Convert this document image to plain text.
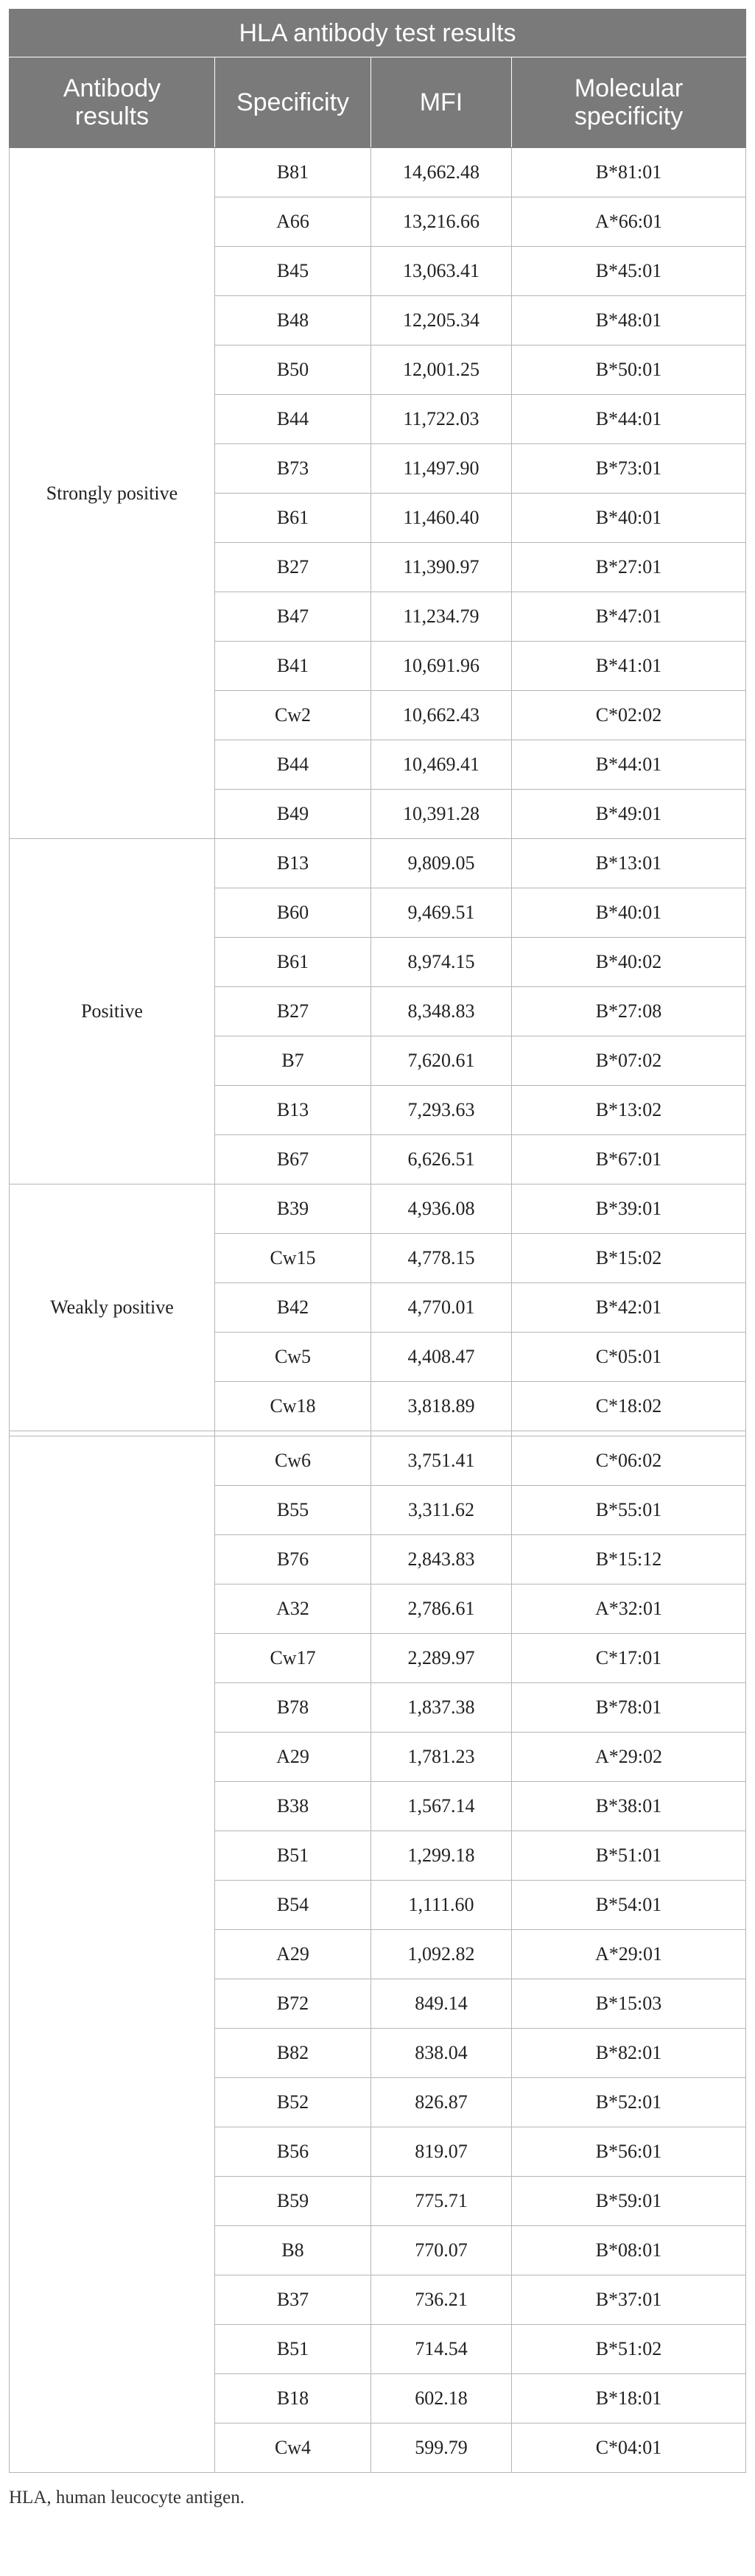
HLA antibody test results			
Antibody
results	Specificity	MFI	Molecular
specificity
Strongly positive	B81	14,662.48	B*81:01
	A66	13,216.66	A*66:01
	B45	13,063.41	B*45:01
	B48	12,205.34	B*48:01
	B50	12,001.25	B*50:01
	B44	11,722.03	B*44:01
	B73	11,497.90	B*73:01
	B61	11,460.40	B*40:01
	B27	11,390.97	B*27:01
	B47	11,234.79	B*47:01
	B41	10,691.96	B*41:01
	Cw2	10,662.43	C*02:02
	B44	10,469.41	B*44:01
	B49	10,391.28	B*49:01
Positive	B13	9,809.05	B*13:01
	B60	9,469.51	B*40:01
	B61	8,974.15	B*40:02
	B27	8,348.83	B*27:08
	B7	7,620.61	B*07:02
	B13	7,293.63	B*13:02
	B67	6,626.51	B*67:01
Weakly positive	B39	4,936.08	B*39:01
	Cw15	4,778.15	B*15:02
	B42	4,770.01	B*42:01
	Cw5	4,408.47	C*05:01
	Cw18	3,818.89	C*18:02

	Cw6	3,751.41	C*06:02
	B55	3,311.62	B*55:01
	B76	2,843.83	B*15:12
	A32	2,786.61	A*32:01
	Cw17	2,289.97	C*17:01
	B78	1,837.38	B*78:01
	A29	1,781.23	A*29:02
	B38	1,567.14	B*38:01
	B51	1,299.18	B*51:01
	B54	1,111.60	B*54:01
	A29	1,092.82	A*29:01
	B72	849.14	B*15:03
	B82	838.04	B*82:01
	B52	826.87	B*52:01
	B56	819.07	B*56:01
	B59	775.71	B*59:01
	B8	770.07	B*08:01
	B37	736.21	B*37:01
	B51	714.54	B*51:02
	B18	602.18	B*18:01
	Cw4	599.79	C*04:01
HLA, human leucocyte antigen.
